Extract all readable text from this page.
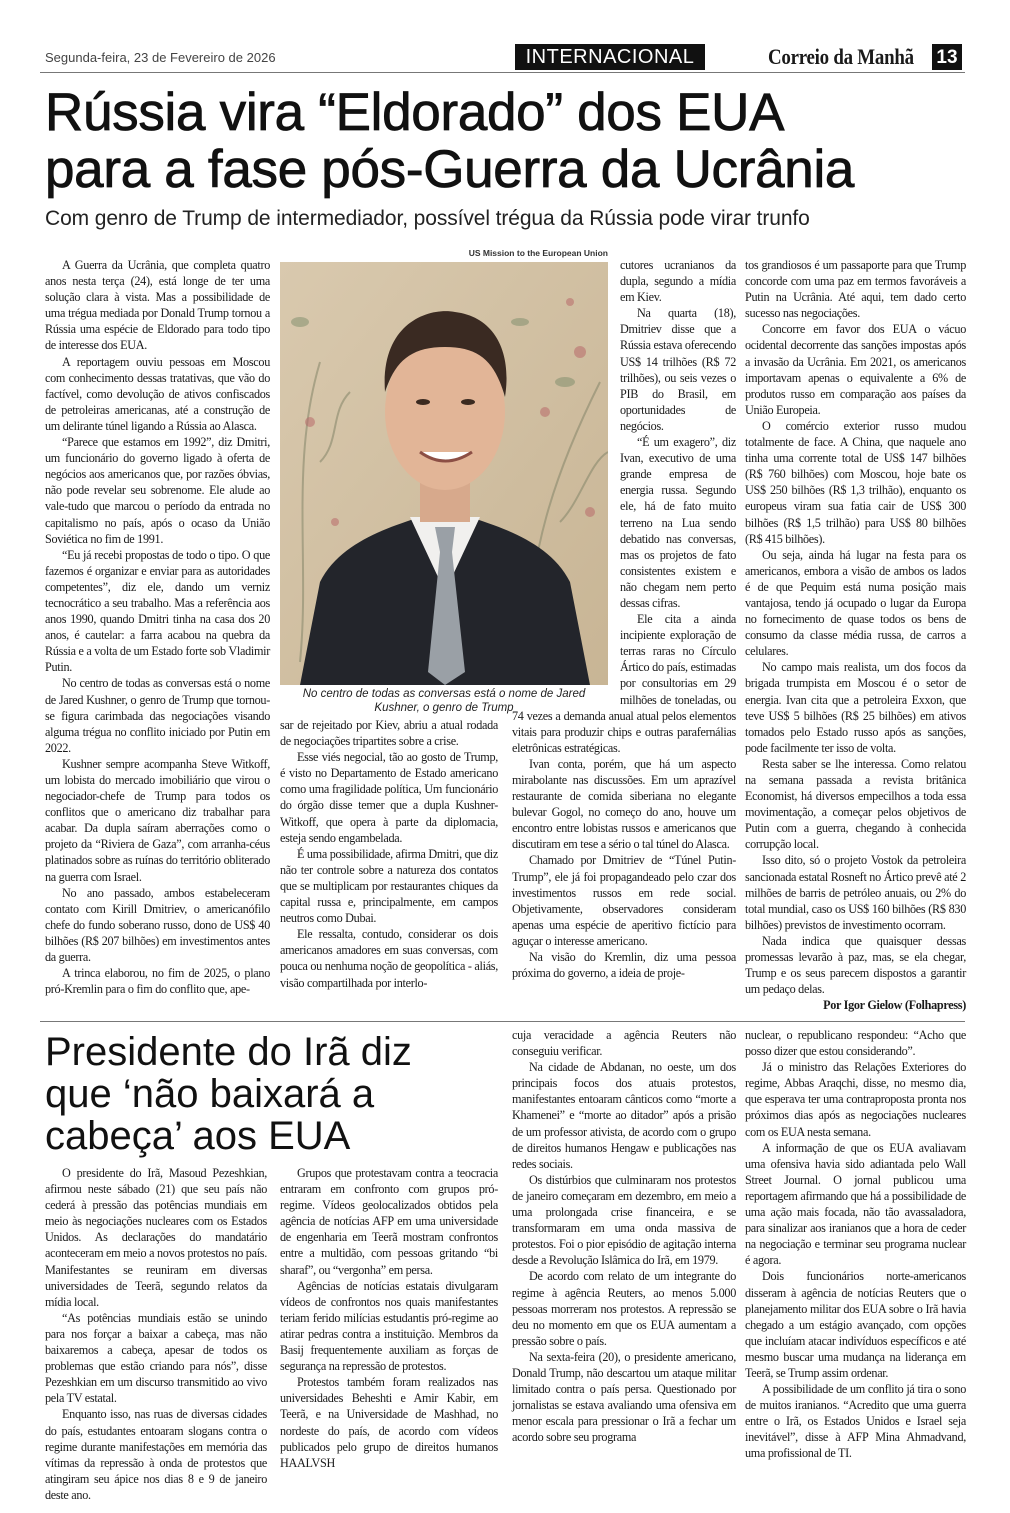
Segunda-feira, 23 de Fevereiro de 2026	INTERNACIONAL	Correio da Manhã 13
Rússia vira “Eldorado” dos EUA
para a fase pós-Guerra da Ucrânia
Com genro de Trump de intermediador, possível trégua da Rússia pode virar trunfo

A Guerra da Ucrânia, que completa quatro anos nesta terça (24), está longe de ter uma solução clara à vista. Mas a possibilidade de uma trégua mediada por Donald Trump tornou a Rússia uma espécie de Eldorado para todo tipo de interesse dos EUA.

A reportagem ouviu pessoas em Moscou com conhecimento dessas tratativas, que vão do factível, como devolução de ativos confiscados de petroleiras americanas, até a construção de um delirante túnel ligando a Rússia ao Alasca.

“Parece que estamos em 1992”, diz Dmitri, um funcionário do governo ligado à oferta de negócios aos americanos que, por razões óbvias, não pode revelar seu sobrenome. Ele alude ao vale-tudo que marcou o período da entrada no capitalismo no país, após o ocaso da União Soviética no fim de 1991.

“Eu já recebi propostas de todo o tipo. O que fazemos é organizar e enviar para as autoridades competentes”, diz ele, dando um verniz tecnocrático a seu trabalho. Mas a referência aos anos 1990, quando Dmitri tinha na casa dos 20 anos, é cautelar: a farra acabou na quebra da Rússia e a volta de um Estado forte sob Vladimir Putin.

No centro de todas as conversas está o nome de Jared Kushner, o genro de Trump que tornou-se figura carimbada das negociações visando alguma trégua no conflito iniciado por Putin em 2022.

Kushner sempre acompanha Steve Witkoff, um lobista do mercado imobiliário que virou o negociador-chefe de Trump para todos os conflitos que o americano diz trabalhar para acabar. Da dupla saíram aberrações como o projeto da “Riviera de Gaza”, com arranha-céus platinados sobre as ruínas do território obliterado na guerra com Israel.

No ano passado, ambos estabeleceram contato com Kirill Dmitriev, o americanófilo chefe do fundo soberano russo, dono de US$ 40 bilhões (R$ 207 bilhões) em investimentos antes da guerra.

A trinca elaborou, no fim de 2025, o plano pró-Kremlin para o fim do conflito que, ape-

sar de rejeitado por Kiev, abriu a atual rodada de negociações tripartites sobre a crise.

Esse viés negocial, tão ao gosto de Trump, é visto no Departamento de Estado americano como uma fragilidade política, Um funcionário do órgão disse temer que a dupla Kushner-Witkoff, que opera à parte da diplomacia, esteja sendo engambelada.

É uma possibilidade, afirma Dmitri, que diz não ter controle sobre a natureza dos contatos que se multiplicam por restaurantes chiques da capital russa e, principalmente, em campos neutros como Dubai.

Ele ressalta, contudo, considerar os dois americanos amadores em suas conversas, com pouca ou nenhuma noção de geopolítica - aliás, visão compartilhada por interlo-

cutores ucranianos da dupla, segundo a mídia em Kiev.

Na quarta (18), Dmitriev disse que a Rússia estava oferecendo US$ 14 trilhões (R$ 72 trilhões), ou seis vezes o PIB do Brasil, em oportunidades de negócios.

“É um exagero”, diz Ivan, executivo de uma grande empresa de energia russa. Segundo ele, há de fato muito terreno na Lua sendo debatido nas conversas, mas os projetos de fato consistentes existem e não chegam nem perto dessas cifras.

Ele cita a ainda incipiente exploração de terras raras no Círculo Ártico do país, estimadas por consultorias em 29 milhões de toneladas, ou 74 vezes a demanda anual atual pelos elementos vitais para produzir chips e outras parafernálias eletrônicas estratégicas.

Ivan conta, porém, que há um aspecto mirabolante nas discussões. Em um aprazível restaurante de comida siberiana no elegante bulevar Gogol, no começo do ano, houve um encontro entre lobistas russos e americanos que discutiram em tese a sério o tal túnel do Alasca.

Chamado por Dmitriev de “Túnel Putin-Trump”, ele já foi propagandeado pelo czar dos investimentos russos em rede social. Objetivamente, observadores consideram apenas uma espécie de aperitivo fictício para aguçar o interesse americano.

Na visão do Kremlin, diz uma pessoa próxima do governo, a ideia de proje-

tos grandiosos é um passaporte para que Trump concorde com uma paz em termos favoráveis a Putin na Ucrânia. Até aqui, tem dado certo sucesso nas negociações.

Concorre em favor dos EUA o vácuo ocidental decorrente das sanções impostas após a invasão da Ucrânia. Em 2021, os americanos importavam apenas o equivalente a 6% de produtos russo em comparação aos países da União Europeia.

O comércio exterior russo mudou totalmente de face. A China, que naquele ano tinha uma corrente total de US$ 147 bilhões (R$ 760 bilhões) com Moscou, hoje bate os US$ 250 bilhões (R$ 1,3 trilhão), enquanto os europeus viram sua fatia cair de US$ 300 bilhões (R$ 1,5 trilhão) para US$ 80 bilhões (R$ 415 bilhões).

Ou seja, ainda há lugar na festa para os americanos, embora a visão de ambos os lados é de que Pequim está numa posição mais vantajosa, tendo já ocupado o lugar da Europa no fornecimento de quase todos os bens de consumo da classe média russa, de carros a celulares.

No campo mais realista, um dos focos da brigada trumpista em Moscou é o setor de energia. Ivan cita que a petroleira Exxon, que teve US$ 5 bilhões (R$ 25 bilhões) em ativos tomados pelo Estado russo após as sanções, pode facilmente ter isso de volta.

Resta saber se lhe interessa. Como relatou na semana passada a revista britânica Economist, há diversos empecilhos a toda essa movimentação, a começar pelos objetivos de Putin com a guerra, chegando à conhecida corrupção local.

Isso dito, só o projeto Vostok da petroleira sancionada estatal Rosneft no Ártico prevê até 2 milhões de barris de petróleo anuais, ou 2% do total mundial, caso os US$ 160 bilhões (R$ 830 bilhões) previstos de investimento ocorram.

Nada indica que quaisquer dessas promessas levarão à paz, mas, se ela chegar, Trump e os seus parecem dispostos a garantir um pedaço delas.

Por Igor Gielow (Folhapress)
US Mission to the European Union
No centro de todas as conversas está o nome de Jared Kushner, o genro de Trump
Presidente do Irã diz
que ‘não baixará a
cabeça’ aos EUA

O presidente do Irã, Masoud Pezeshkian, afirmou neste sábado (21) que seu país não cederá à pressão das potências mundiais em meio às negociações nucleares com os Estados Unidos. As declarações do mandatário aconteceram em meio a novos protestos no país. Manifestantes se reuniram em diversas universidades de Teerã, segundo relatos da mídia local.

“As potências mundiais estão se unindo para nos forçar a baixar a cabeça, mas não baixaremos a cabeça, apesar de todos os problemas que estão criando para nós”, disse Pezeshkian em um discurso transmitido ao vivo pela TV estatal.

Enquanto isso, nas ruas de diversas cidades do país, estudantes entoaram slogans contra o regime durante manifestações em memória das vítimas da repressão à onda de protestos que atingiram seu ápice nos dias 8 e 9 de janeiro deste ano.

Grupos que protestavam contra a teocracia entraram em confronto com grupos pró-regime. Vídeos geolocalizados obtidos pela agência de notícias AFP em uma universidade de engenharia em Teerã mostram confrontos entre a multidão, com pessoas gritando “bi sharaf”, ou “vergonha” em persa.

Agências de notícias estatais divulgaram vídeos de confrontos nos quais manifestantes teriam ferido milícias estudantis pró-regime ao atirar pedras contra a instituição. Membros da Basij frequentemente auxiliam as forças de segurança na repressão de protestos.

Protestos também foram realizados nas universidades Beheshti e Amir Kabir, em Teerã, e na Universidade de Mashhad, no nordeste do país, de acordo com vídeos publicados pelo grupo de direitos humanos HAALVSH

cuja veracidade a agência Reuters não conseguiu verificar.

Na cidade de Abdanan, no oeste, um dos principais focos dos atuais protestos, manifestantes entoaram cânticos como “morte a Khamenei” e “morte ao ditador” após a prisão de um professor ativista, de acordo com o grupo de direitos humanos Hengaw e publicações nas redes sociais.

Os distúrbios que culminaram nos protestos de janeiro começaram em dezembro, em meio a uma prolongada crise financeira, e se transformaram em uma onda massiva de protestos. Foi o pior episódio de agitação interna desde a Revolução Islâmica do Irã, em 1979.

De acordo com relato de um integrante do regime à agência Reuters, ao menos 5.000 pessoas morreram nos protestos. A repressão se deu no momento em que os EUA aumentam a pressão sobre o país.

Na sexta-feira (20), o presidente americano, Donald Trump, não descartou um ataque militar limitado contra o país persa. Questionado por jornalistas se estava avaliando uma ofensiva em menor escala para pressionar o Irã a fechar um acordo sobre seu programa

nuclear, o republicano respondeu: “Acho que posso dizer que estou considerando”.

Já o ministro das Relações Exteriores do regime, Abbas Araqchi, disse, no mesmo dia, que esperava ter uma contraproposta pronta nos próximos dias após as negociações nucleares com os EUA nesta semana.

A informação de que os EUA avaliavam uma ofensiva havia sido adiantada pelo Wall Street Journal. O jornal publicou uma reportagem afirmando que há a possibilidade de uma ação mais focada, não tão avassaladora, para sinalizar aos iranianos que a hora de ceder na negociação e terminar seu programa nuclear é agora.

Dois funcionários norte-americanos disseram à agência de notícias Reuters que o planejamento militar dos EUA sobre o Irã havia chegado a um estágio avançado, com opções que incluíam atacar indivíduos específicos e até mesmo buscar uma mudança na liderança em Teerã, se Trump assim ordenar.

A possibilidade de um conflito já tira o sono de muitos iranianos. “Acredito que uma guerra entre o Irã, os Estados Unidos e Israel seja inevitável”, disse à AFP Mina Ahmadvand, uma profissional de TI.
